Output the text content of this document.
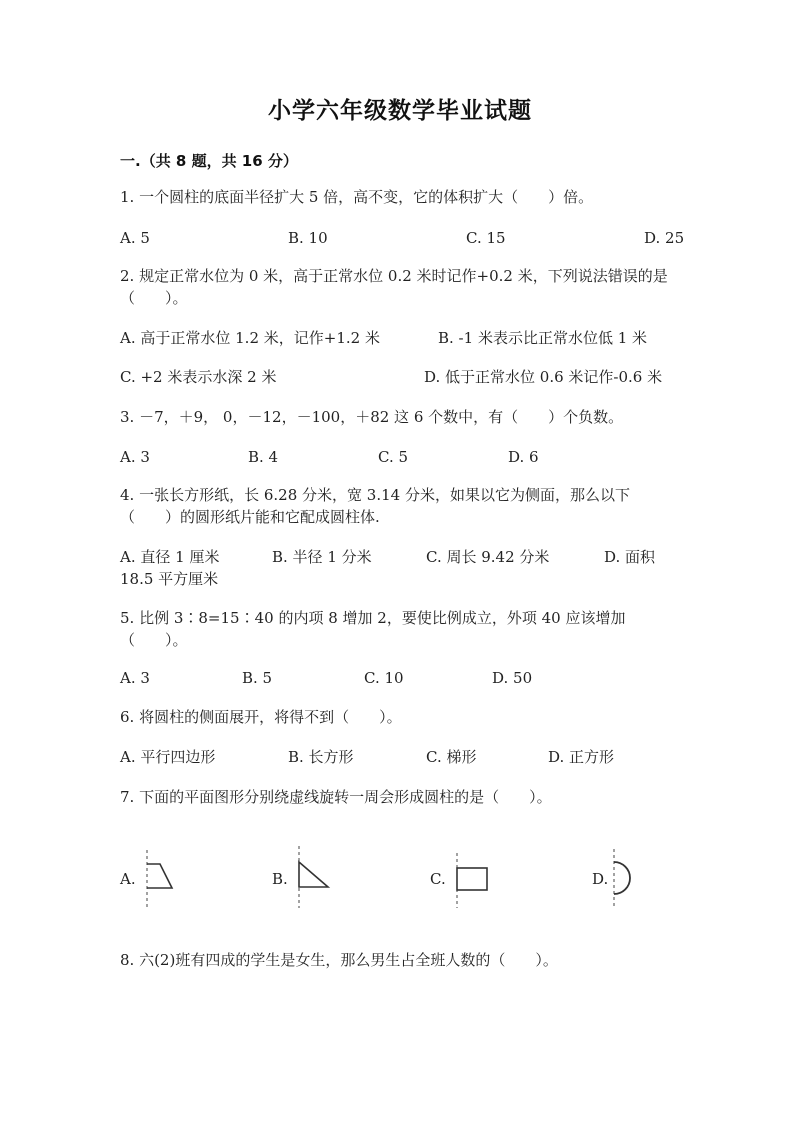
小学六年级数学毕业试题
一.（共 8 题，共 16 分）
1. 一个圆柱的底面半径扩大 5 倍，高不变，它的体积扩大（　　）倍。
A. 5	B. 10	C. 15	D. 25
2. 规定正常水位为 0 米，高于正常水位 0.2 米时记作+0.2 米，下列说法错误的是（　　）。
A. 高于正常水位 1.2 米，记作+1.2 米	B. -1 米表示比正常水位低 1 米
C. +2 米表示水深 2 米	D. 低于正常水位 0.6 米记作-0.6 米
3. －7，＋9， 0，－12，－100，＋82 这 6 个数中，有（　　）个负数。
A. 3	B. 4	C. 5	D. 6
4. 一张长方形纸，长 6.28 分米，宽 3.14 分米，如果以它为侧面，那么以下（　　）的圆形纸片能和它配成圆柱体.
A. 直径 1 厘米	B. 半径 1 分米	C. 周长 9.42 分米	D. 面积 18.5 平方厘米
5. 比例 3∶8=15∶40 的内项 8 增加 2，要使比例成立，外项 40 应该增加（　　）。
A. 3	B. 5	C. 10	D. 50
6. 将圆柱的侧面展开，将得不到（　　）。
A. 平行四边形	B. 长方形	C. 梯形	D. 正方形
7. 下面的平面图形分别绕虚线旋转一周会形成圆柱的是（　　）。
A.	B.	C.	D.
8. 六(2)班有四成的学生是女生，那么男生占全班人数的（　　）。
